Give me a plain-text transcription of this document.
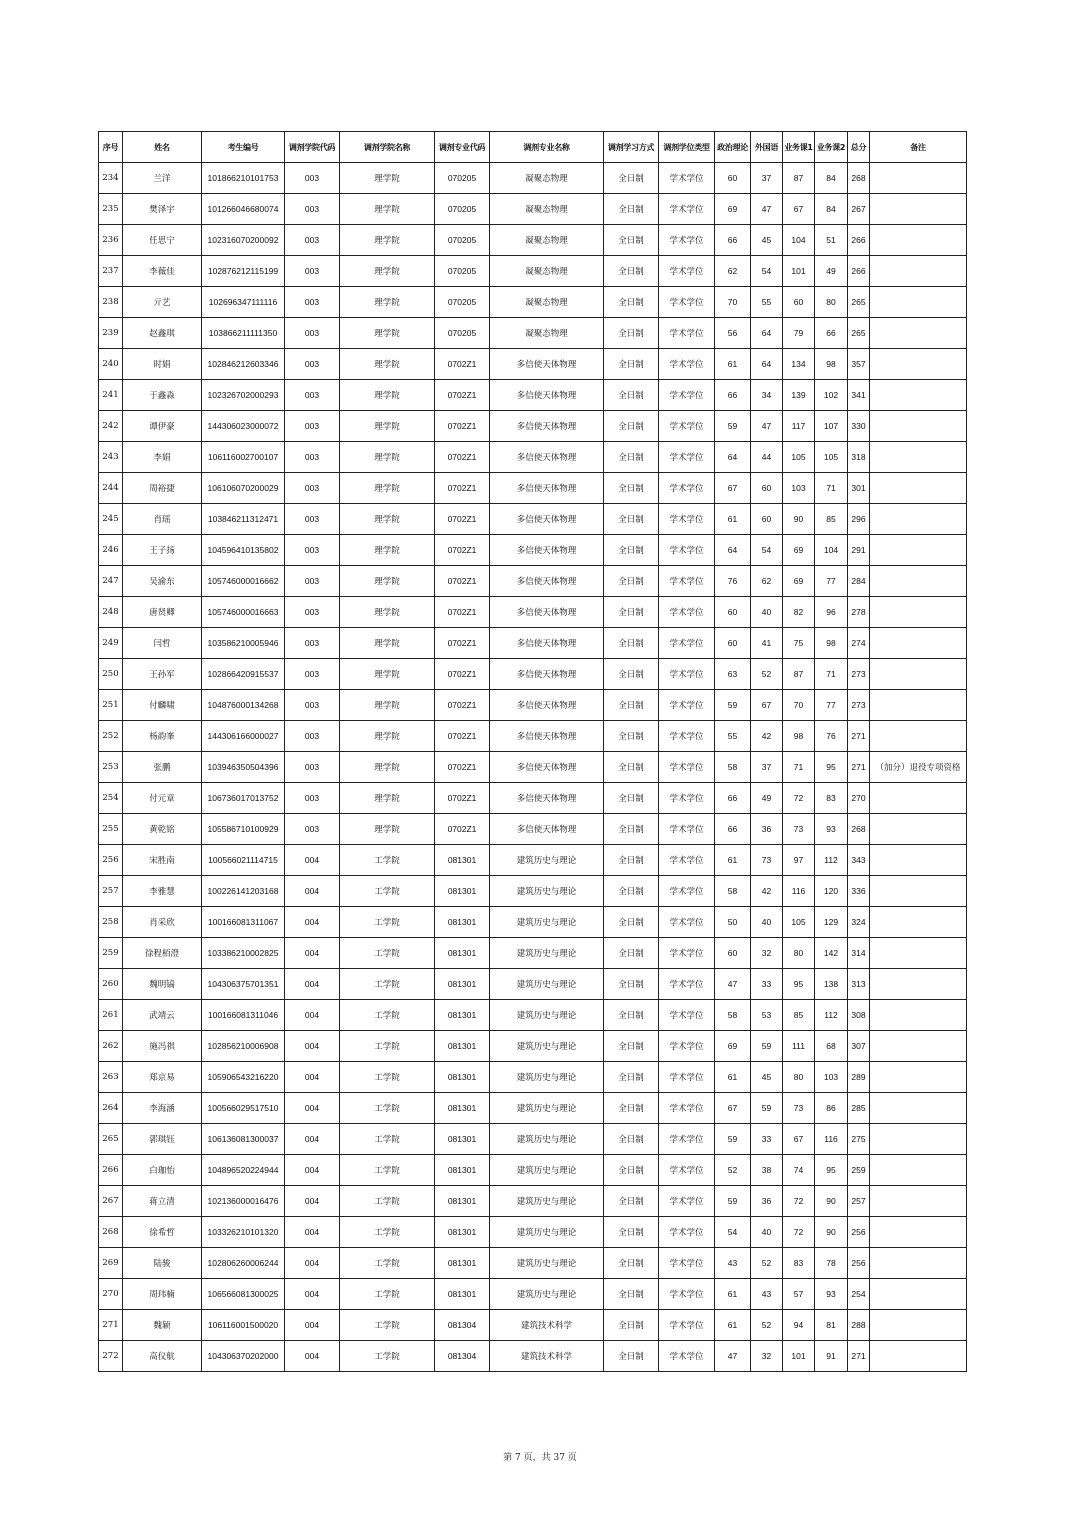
序号	姓名	考生编号	调剂学院代码	调剂学院名称	调剂专业代码	调剂专业名称	调剂学习方式	调剂学位类型	政治理论	外国语	业务课1	业务课2	总分	备注
234	兰洋	101866210101753	003	理学院	070205	凝聚态物理	全日制	学术学位	60	37	87	84	268	
235	樊泽宇	101266046680074	003	理学院	070205	凝聚态物理	全日制	学术学位	69	47	67	84	267	
236	任思宁	102316070200092	003	理学院	070205	凝聚态物理	全日制	学术学位	66	45	104	51	266	
237	李薇佳	102876212115199	003	理学院	070205	凝聚态物理	全日制	学术学位	62	54	101	49	266	
238	亓艺	102696347111116	003	理学院	070205	凝聚态物理	全日制	学术学位	70	55	60	80	265	
239	赵鑫琪	103866211111350	003	理学院	070205	凝聚态物理	全日制	学术学位	56	64	79	66	265	
240	时娟	102846212603346	003	理学院	0702Z1	多信使天体物理	全日制	学术学位	61	64	134	98	357	
241	于鑫淼	102326702000293	003	理学院	0702Z1	多信使天体物理	全日制	学术学位	66	34	139	102	341	
242	谭伊豪	144306023000072	003	理学院	0702Z1	多信使天体物理	全日制	学术学位	59	47	117	107	330	
243	李娟	106116002700107	003	理学院	0702Z1	多信使天体物理	全日制	学术学位	64	44	105	105	318	
244	周裕捷	106106070200029	003	理学院	0702Z1	多信使天体物理	全日制	学术学位	67	60	103	71	301	
245	肖瑶	103846211312471	003	理学院	0702Z1	多信使天体物理	全日制	学术学位	61	60	90	85	296	
246	王子扬	104596410135802	003	理学院	0702Z1	多信使天体物理	全日制	学术学位	64	54	69	104	291	
247	吴渝东	105746000016662	003	理学院	0702Z1	多信使天体物理	全日制	学术学位	76	62	69	77	284	
248	唐贤卿	105746000016663	003	理学院	0702Z1	多信使天体物理	全日制	学术学位	60	40	82	96	278	
249	闫哲	103586210005946	003	理学院	0702Z1	多信使天体物理	全日制	学术学位	60	41	75	98	274	
250	王孙军	102866420915537	003	理学院	0702Z1	多信使天体物理	全日制	学术学位	63	52	87	71	273	
251	付麟啸	104876000134268	003	理学院	0702Z1	多信使天体物理	全日制	学术学位	59	67	70	77	273	
252	杨韵峯	144306166000027	003	理学院	0702Z1	多信使天体物理	全日制	学术学位	55	42	98	76	271	
253	张鹏	103946350504396	003	理学院	0702Z1	多信使天体物理	全日制	学术学位	58	37	71	95	271	（加分）退役专项资格
254	付元章	106736017013752	003	理学院	0702Z1	多信使天体物理	全日制	学术学位	66	49	72	83	270	
255	黄乾铭	105586710100929	003	理学院	0702Z1	多信使天体物理	全日制	学术学位	66	36	73	93	268	
256	宋胜南	100566021114715	004	工学院	081301	建筑历史与理论	全日制	学术学位	61	73	97	112	343	
257	李雅慧	100226141203168	004	工学院	081301	建筑历史与理论	全日制	学术学位	58	42	116	120	336	
258	肖采欣	100166081311067	004	工学院	081301	建筑历史与理论	全日制	学术学位	50	40	105	129	324	
259	徐程栢澄	103386210002825	004	工学院	081301	建筑历史与理论	全日制	学术学位	60	32	80	142	314	
260	魏明镐	104306375701351	004	工学院	081301	建筑历史与理论	全日制	学术学位	47	33	95	138	313	
261	武靖云	100166081311046	004	工学院	081301	建筑历史与理论	全日制	学术学位	58	53	85	112	308	
262	施冯祺	102856210006908	004	工学院	081301	建筑历史与理论	全日制	学术学位	69	59	111	68	307	
263	郑京易	105906543216220	004	工学院	081301	建筑历史与理论	全日制	学术学位	61	45	80	103	289	
264	李海涵	100566029517510	004	工学院	081301	建筑历史与理论	全日制	学术学位	67	59	73	86	285	
265	郭琪钰	106136081300037	004	工学院	081301	建筑历史与理论	全日制	学术学位	59	33	67	116	275	
266	白珈怡	104896520224944	004	工学院	081301	建筑历史与理论	全日制	学术学位	52	38	74	95	259	
267	蒋立清	102136000016476	004	工学院	081301	建筑历史与理论	全日制	学术学位	59	36	72	90	257	
268	徐希哲	103326210101320	004	工学院	081301	建筑历史与理论	全日制	学术学位	54	40	72	90	256	
269	陆骏	102806260006244	004	工学院	081301	建筑历史与理论	全日制	学术学位	43	52	83	78	256	
270	周玮楠	106566081300025	004	工学院	081301	建筑历史与理论	全日制	学术学位	61	43	57	93	254	
271	魏颖	106116001500020	004	工学院	081304	建筑技术科学	全日制	学术学位	61	52	94	81	288	
272	高仪航	104306370202000	004	工学院	081304	建筑技术科学	全日制	学术学位	47	32	101	91	271	
第 7 页，共 37 页
